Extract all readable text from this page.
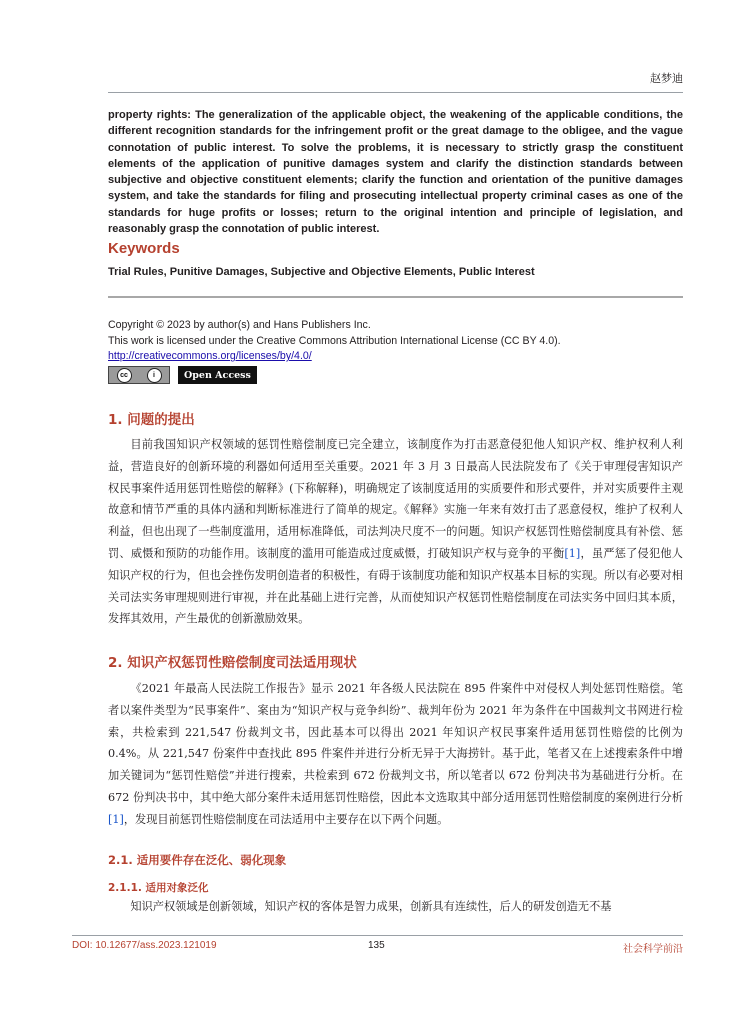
赵梦迪
property rights: The generalization of the applicable object, the weakening of the applicable conditions, the different recognition standards for the infringement profit or the great damage to the obligee, and the vague connotation of public interest. To solve the problems, it is necessary to strictly grasp the constituent elements of the application of punitive damages system and clarify the distinction standards between subjective and objective constituent elements; clarify the function and orientation of the punitive damages system, and take the standards for filing and prosecuting intellectual property criminal cases as one of the standards for huge profits or losses; return to the original intention and principle of legislation, and reasonably grasp the connotation of public interest.
Keywords
Trial Rules, Punitive Damages, Subjective and Objective Elements, Public Interest
Copyright © 2023 by author(s) and Hans Publishers Inc.
This work is licensed under the Creative Commons Attribution International License (CC BY 4.0).
http://creativecommons.org/licenses/by/4.0/
cc	i	Open Access
1. 问题的提出
目前我国知识产权领域的惩罚性赔偿制度已完全建立，该制度作为打击恶意侵犯他人知识产权、维护权利人利益，营造良好的创新环境的利器如何适用至关重要。2021 年 3 月 3 日最高人民法院发布了《关于审理侵害知识产权民事案件适用惩罚性赔偿的解释》(下称解释)，明确规定了该制度适用的实质要件和形式要件，并对实质要件主观故意和情节严重的具体内涵和判断标准进行了简单的规定。《解释》实施一年来有效打击了恶意侵权，维护了权利人利益，但也出现了一些制度滥用，适用标准降低，司法判决尺度不一的问题。知识产权惩罚性赔偿制度具有补偿、惩罚、威慑和预防的功能作用。该制度的滥用可能造成过度威慑，打破知识产权与竞争的平衡[1]，虽严惩了侵犯他人知识产权的行为，但也会挫伤发明创造者的积极性，有碍于该制度功能和知识产权基本目标的实现。所以有必要对相关司法实务审理规则进行审视，并在此基础上进行完善，从而使知识产权惩罚性赔偿制度在司法实务中回归其本质，发挥其效用，产生最优的创新激励效果。
2. 知识产权惩罚性赔偿制度司法适用现状
《2021 年最高人民法院工作报告》显示 2021 年各级人民法院在 895 件案件中对侵权人判处惩罚性赔偿。笔者以案件类型为“民事案件”、案由为“知识产权与竞争纠纷”、裁判年份为 2021 年为条件在中国裁判文书网进行检索，共检索到 221,547 份裁判文书，因此基本可以得出 2021 年知识产权民事案件适用惩罚性赔偿的比例为 0.4%。从 221,547 份案件中查找此 895 件案件并进行分析无异于大海捞针。基于此，笔者又在上述搜索条件中增加关键词为“惩罚性赔偿”并进行搜索，共检索到 672 份裁判文书，所以笔者以 672 份判决书为基础进行分析。在 672 份判决书中，其中绝大部分案件未适用惩罚性赔偿，因此本文选取其中部分适用惩罚性赔偿制度的案例进行分析[1]，发现目前惩罚性赔偿制度在司法适用中主要存在以下两个问题。
2.1. 适用要件存在泛化、弱化现象
2.1.1. 适用对象泛化
知识产权领域是创新领域，知识产权的客体是智力成果，创新具有连续性，后人的研发创造无不基
DOI: 10.12677/ass.2023.121019	135	社会科学前沿
